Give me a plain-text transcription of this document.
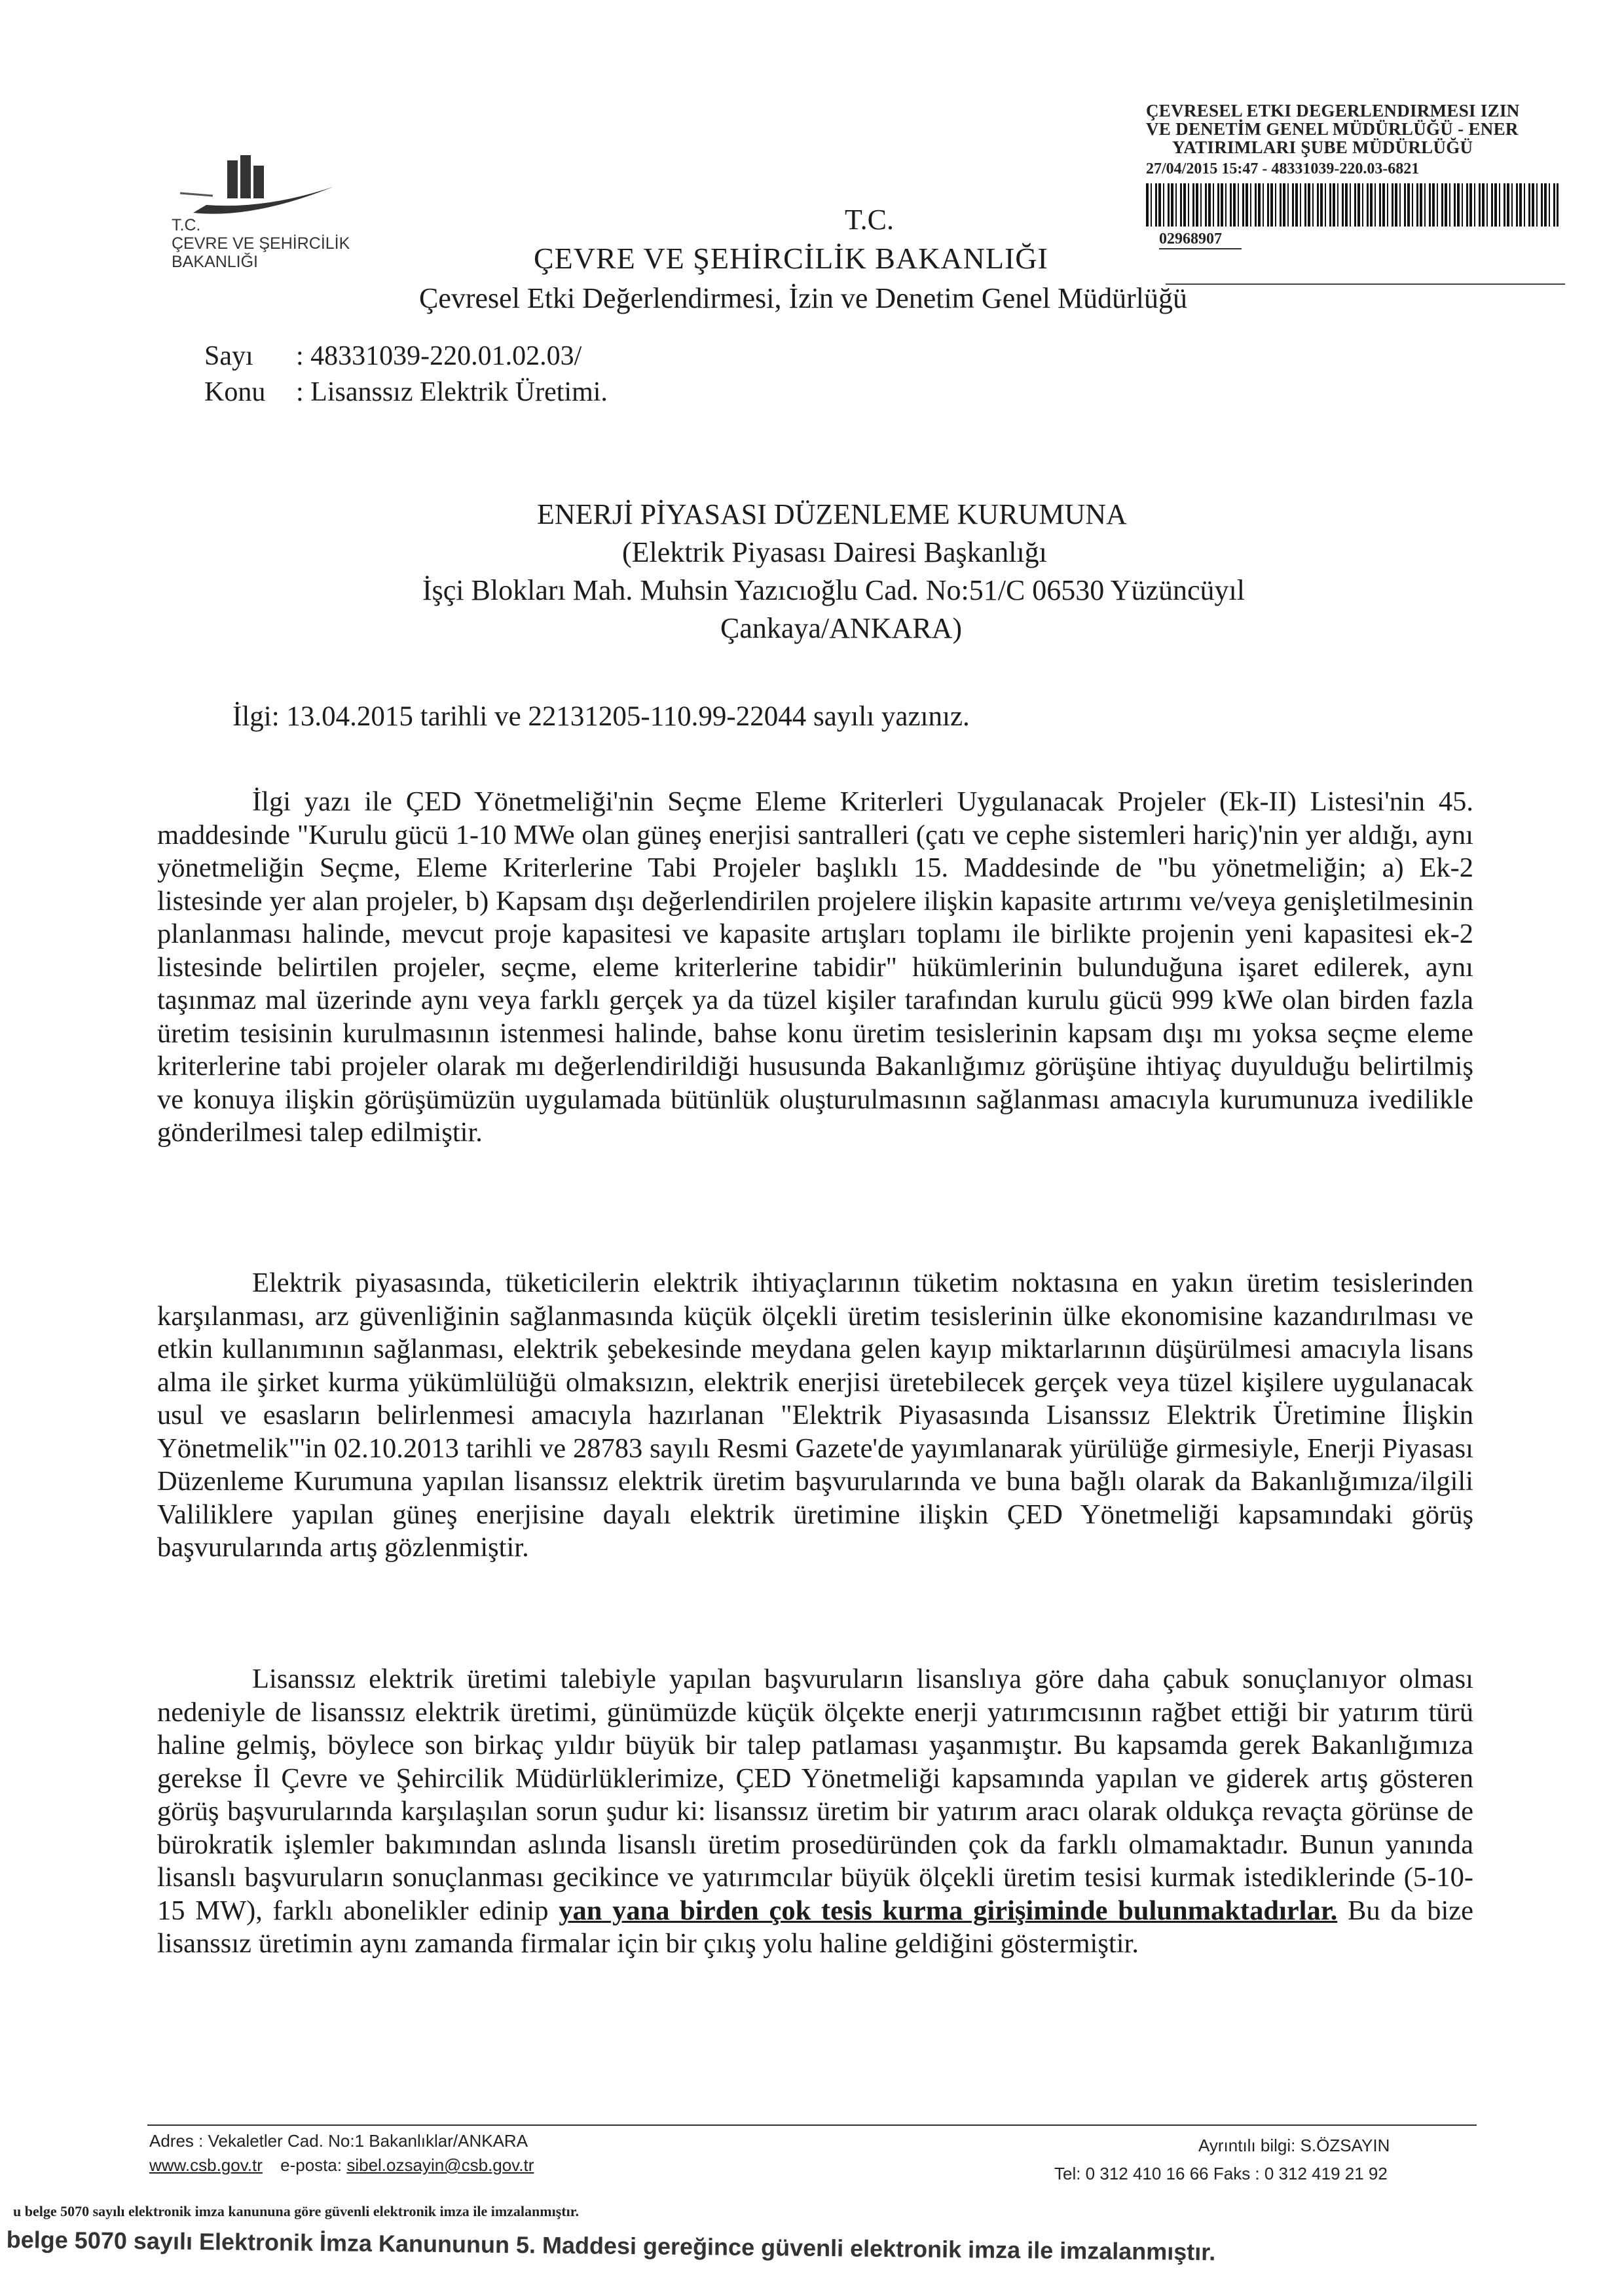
T.C.
ÇEVRE VE ŞEHİRCİLİK
BAKANLIĞI
ÇEVRESEL ETKI DEGERLENDIRMESI IZIN
VE DENETİM GENEL MÜDÜRLÜĞÜ - ENER
YATIRIMLARI ŞUBE MÜDÜRLÜĞÜ
27/04/2015 15:47 - 48331039-220.03-6821
02968907
T.C.
ÇEVRE VE ŞEHİRCİLİK BAKANLIĞI
Çevresel Etki Değerlendirmesi, İzin ve Denetim Genel Müdürlüğü
Sayı : 48331039-220.01.02.03/
Konu : Lisanssız Elektrik Üretimi.
ENERJİ PİYASASI DÜZENLEME KURUMUNA
(Elektrik Piyasası Dairesi Başkanlığı
İşçi Blokları Mah. Muhsin Yazıcıoğlu Cad. No:51/C 06530 Yüzüncüyıl
Çankaya/ANKARA)
İlgi: 13.04.2015 tarihli ve 22131205-110.99-22044 sayılı yazınız.

İlgi yazı ile ÇED Yönetmeliği'nin Seçme Eleme Kriterleri Uygulanacak Projeler (Ek-II) Listesi'nin 45. maddesinde "Kurulu gücü 1-10 MWe olan güneş enerjisi santralleri (çatı ve cephe sistemleri hariç)'nin yer aldığı, aynı yönetmeliğin Seçme, Eleme Kriterlerine Tabi Projeler başlıklı 15. Maddesinde de "bu yönetmeliğin; a) Ek-2 listesinde yer alan projeler, b) Kapsam dışı değerlendirilen projelere ilişkin kapasite artırımı ve/veya genişletilmesinin planlanması halinde, mevcut proje kapasitesi ve kapasite artışları toplamı ile birlikte projenin yeni kapasitesi ek-2 listesinde belirtilen projeler, seçme, eleme kriterlerine tabidir" hükümlerinin bulunduğuna işaret edilerek, aynı taşınmaz mal üzerinde aynı veya farklı gerçek ya da tüzel kişiler tarafından kurulu gücü 999 kWe olan birden fazla üretim tesisinin kurulmasının istenmesi halinde, bahse konu üretim tesislerinin kapsam dışı mı yoksa seçme eleme kriterlerine tabi projeler olarak mı değerlendirildiği hususunda Bakanlığımız görüşüne ihtiyaç duyulduğu belirtilmiş ve konuya ilişkin görüşümüzün uygulamada bütünlük oluşturulmasının sağlanması amacıyla kurumunuza ivedilikle gönderilmesi talep edilmiştir.

Elektrik piyasasında, tüketicilerin elektrik ihtiyaçlarının tüketim noktasına en yakın üretim tesislerinden karşılanması, arz güvenliğinin sağlanmasında küçük ölçekli üretim tesislerinin ülke ekonomisine kazandırılması ve etkin kullanımının sağlanması, elektrik şebekesinde meydana gelen kayıp miktarlarının düşürülmesi amacıyla lisans alma ile şirket kurma yükümlülüğü olmaksızın, elektrik enerjisi üretebilecek gerçek veya tüzel kişilere uygulanacak usul ve esasların belirlenmesi amacıyla hazırlanan "Elektrik Piyasasında Lisanssız Elektrik Üretimine İlişkin Yönetmelik"'in 02.10.2013 tarihli ve 28783 sayılı Resmi Gazete'de yayımlanarak yürülüğe girmesiyle, Enerji Piyasası Düzenleme Kurumuna yapılan lisanssız elektrik üretim başvurularında ve buna bağlı olarak da Bakanlığımıza/ilgili Valiliklere yapılan güneş enerjisine dayalı elektrik üretimine ilişkin ÇED Yönetmeliği kapsamındaki görüş başvurularında artış gözlenmiştir.

Lisanssız elektrik üretimi talebiyle yapılan başvuruların lisanslıya göre daha çabuk sonuçlanıyor olması nedeniyle de lisanssız elektrik üretimi, günümüzde küçük ölçekte enerji yatırımcısının rağbet ettiği bir yatırım türü haline gelmiş, böylece son birkaç yıldır büyük bir talep patlaması yaşanmıştır. Bu kapsamda gerek Bakanlığımıza gerekse İl Çevre ve Şehircilik Müdürlüklerimize, ÇED Yönetmeliği kapsamında yapılan ve giderek artış gösteren görüş başvurularında karşılaşılan sorun şudur ki: lisanssız üretim bir yatırım aracı olarak oldukça revaçta görünse de bürokratik işlemler bakımından aslında lisanslı üretim prosedüründen çok da farklı olmamaktadır. Bunun yanında lisanslı başvuruların sonuçlanması gecikince ve yatırımcılar büyük ölçekli üretim tesisi kurmak istediklerinde (5-10-15 MW), farklı abonelikler edinip yan yana birden çok tesis kurma girişiminde bulunmaktadırlar. Bu da bize lisanssız üretimin aynı zamanda firmalar için bir çıkış yolu haline geldiğini göstermiştir.

Adres : Vekaletler Cad. No:1 Bakanlıklar/ANKARA
www.csb.gov.tr e-posta: sibel.ozsayin@csb.gov.tr
Ayrıntılı bilgi: S.ÖZSAYIN
Tel: 0 312 410 16 66 Faks : 0 312 419 21 92
u belge 5070 sayılı elektronik imza kanununa göre güvenli elektronik imza ile imzalanmıştır.
belge 5070 sayılı Elektronik İmza Kanununun 5. Maddesi gereğince güvenli elektronik imza ile imzalanmıştır.
